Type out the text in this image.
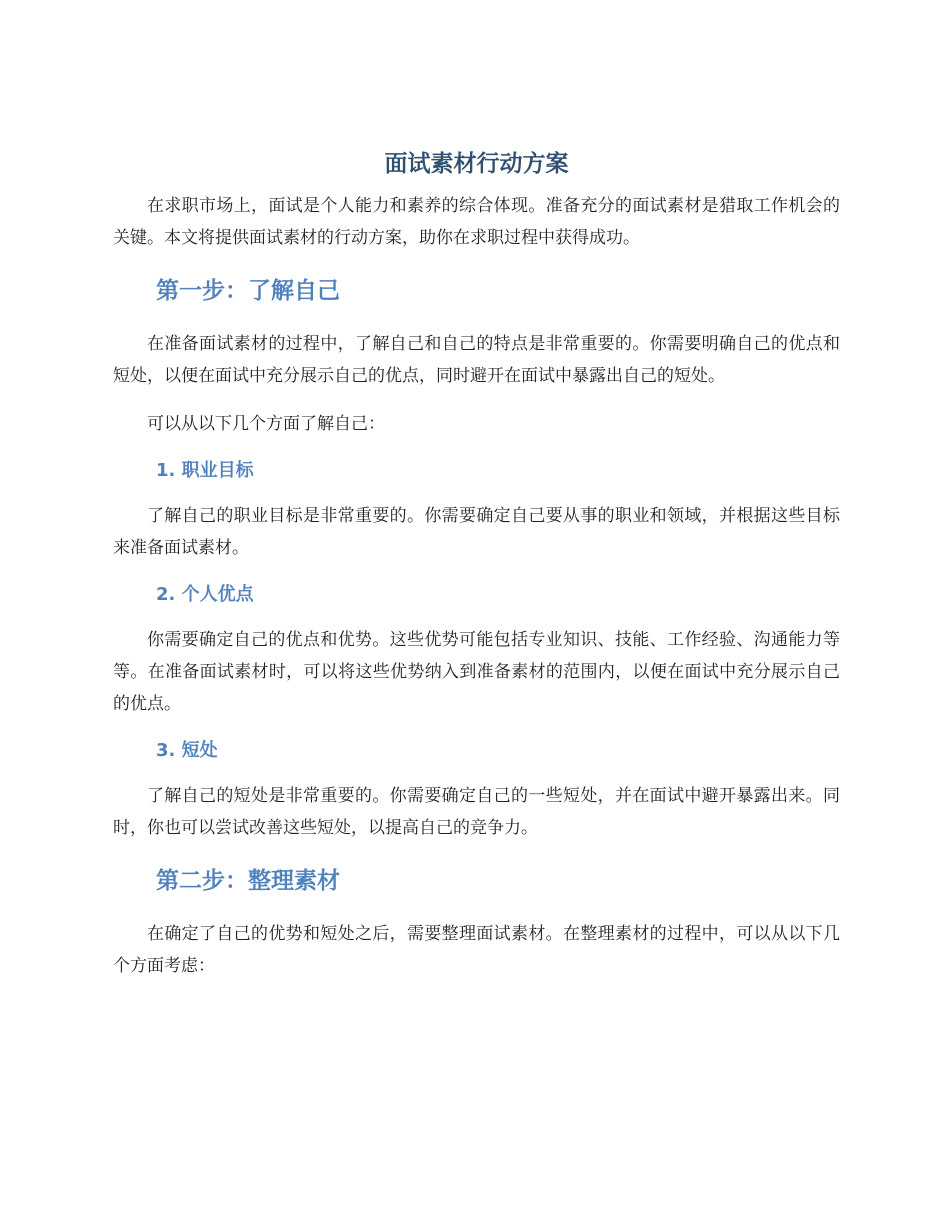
面试素材行动方案

在求职市场上，面试是个人能力和素养的综合体现。准备充分的面试素材是猎取工作机会的关键。本文将提供面试素材的行动方案，助你在求职过程中获得成功。

第一步：了解自己

在准备面试素材的过程中，了解自己和自己的特点是非常重要的。你需要明确自己的优点和短处，以便在面试中充分展示自己的优点，同时避开在面试中暴露出自己的短处。

可以从以下几个方面了解自己：

1. 职业目标

了解自己的职业目标是非常重要的。你需要确定自己要从事的职业和领域，并根据这些目标来准备面试素材。

2. 个人优点

你需要确定自己的优点和优势。这些优势可能包括专业知识、技能、工作经验、沟通能力等等。在准备面试素材时，可以将这些优势纳入到准备素材的范围内，以便在面试中充分展示自己的优点。

3. 短处

了解自己的短处是非常重要的。你需要确定自己的一些短处，并在面试中避开暴露出来。同时，你也可以尝试改善这些短处，以提高自己的竞争力。

第二步：整理素材

在确定了自己的优势和短处之后，需要整理面试素材。在整理素材的过程中，可以从以下几个方面考虑：
